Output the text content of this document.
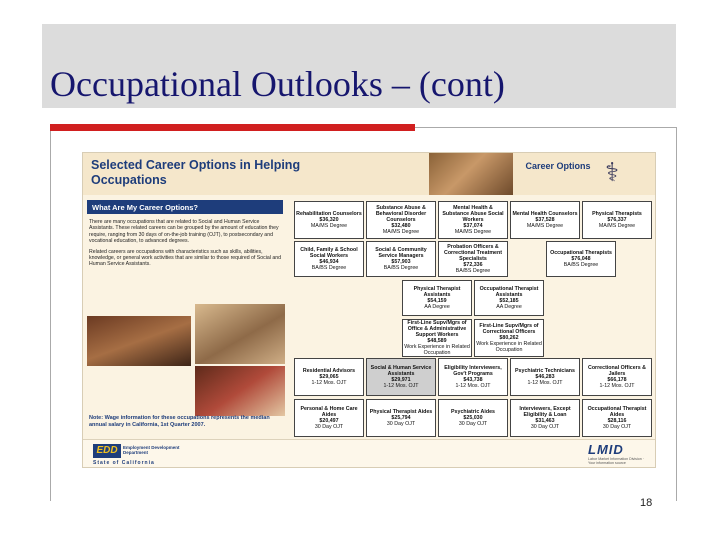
Occupational Outlooks – (cont)
Selected Career Options in Helping Occupations
Career Options ⚕
What Are My Career Options?

There are many occupations that are related to Social and Human Service Assistants. These related careers can be grouped by the amount of education they require, ranging from 30 days of on-the-job training (OJT), to postsecondary and vocational education, to advanced degrees.

Related careers are occupations with characteristics such as skills, abilities, knowledge, or general work activities that are similar to those required of Social and Human Service Assistants.

Note: Wage information for these occupations represents the median annual salary in California, 1st Quarter 2007.
Rehabilitation Counselors
$36,320
MA/MS Degree
Substance Abuse & Behavioral Disorder Counselors
$32,480
MA/MS Degree
Mental Health & Substance Abuse Social Workers
$37,074
MA/MS Degree
Mental Health Counselors
$37,528
MA/MS Degree
Physical Therapists
$76,337
MA/MS Degree
Child, Family & School Social Workers
$46,934
BA/BS Degree
Social & Community Service Managers
$57,903
BA/BS Degree
Probation Officers & Correctional Treatment Specialists
$72,336
BA/BS Degree
Occupational Therapists
$76,048
BA/BS Degree
Physical Therapist Assistants
$54,159
AA Degree
Occupational Therapist Assistants
$52,185
AA Degree
First-Line Supv/Mgrs of Office & Administrative Support Workers
$48,589
Work Experience in Related Occupation
First-Line Supv/Mgrs of Correctional Officers
$80,262
Work Experience in Related Occupation
Residential Advisors
$29,065
1-12 Mos. OJT
Social & Human Service Assistants
$29,971
1-12 Mos. OJT
Eligibility Interviewers, Gov't Programs
$43,738
1-12 Mos. OJT
Psychiatric Technicians
$46,283
1-12 Mos. OJT
Correctional Officers & Jailers
$66,178
1-12 Mos. OJT
Personal & Home Care Aides
$20,497
30 Day OJT
Physical Therapist Aides
$25,794
30 Day OJT
Psychiatric Aides
$25,030
30 Day OJT
Interviewers, Except Eligibility & Loan
$31,463
30 Day OJT
Occupational Therapist Aides
$28,116
30 Day OJT
EDD	Employment Development Department
State of California
LMID
Labor Market Information Division · Your information source
18
